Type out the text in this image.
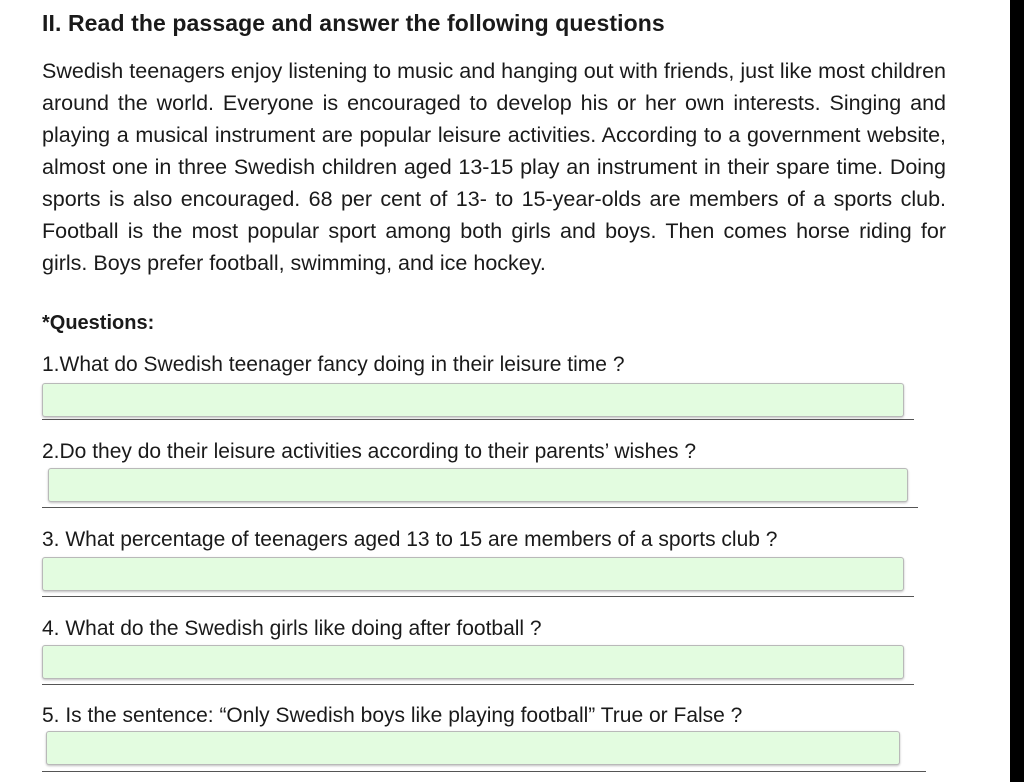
II. Read the passage and answer the following questions

Swedish teenagers enjoy listening to music and hanging out with friends, just like most children around the world. Everyone is encouraged to develop his or her own interests. Singing and playing a musical instrument are popular leisure activities. According to a government website, almost one in three Swedish children aged 13-15 play an instrument in their spare time. Doing sports is also encouraged. 68 per cent of 13- to 15-year-olds are members of a sports club. Football is the most popular sport among both girls and boys. Then comes horse riding for girls. Boys prefer football, swimming, and ice hockey.

*Questions:

1.What do Swedish teenager fancy doing in their leisure time ?

2.Do they do their leisure activities according to their parents’ wishes ?

3. What percentage of teenagers aged 13 to 15 are members of a sports club ?

4. What do the Swedish girls like doing after football ?

5. Is the sentence: “Only Swedish boys like playing football” True or False ?
